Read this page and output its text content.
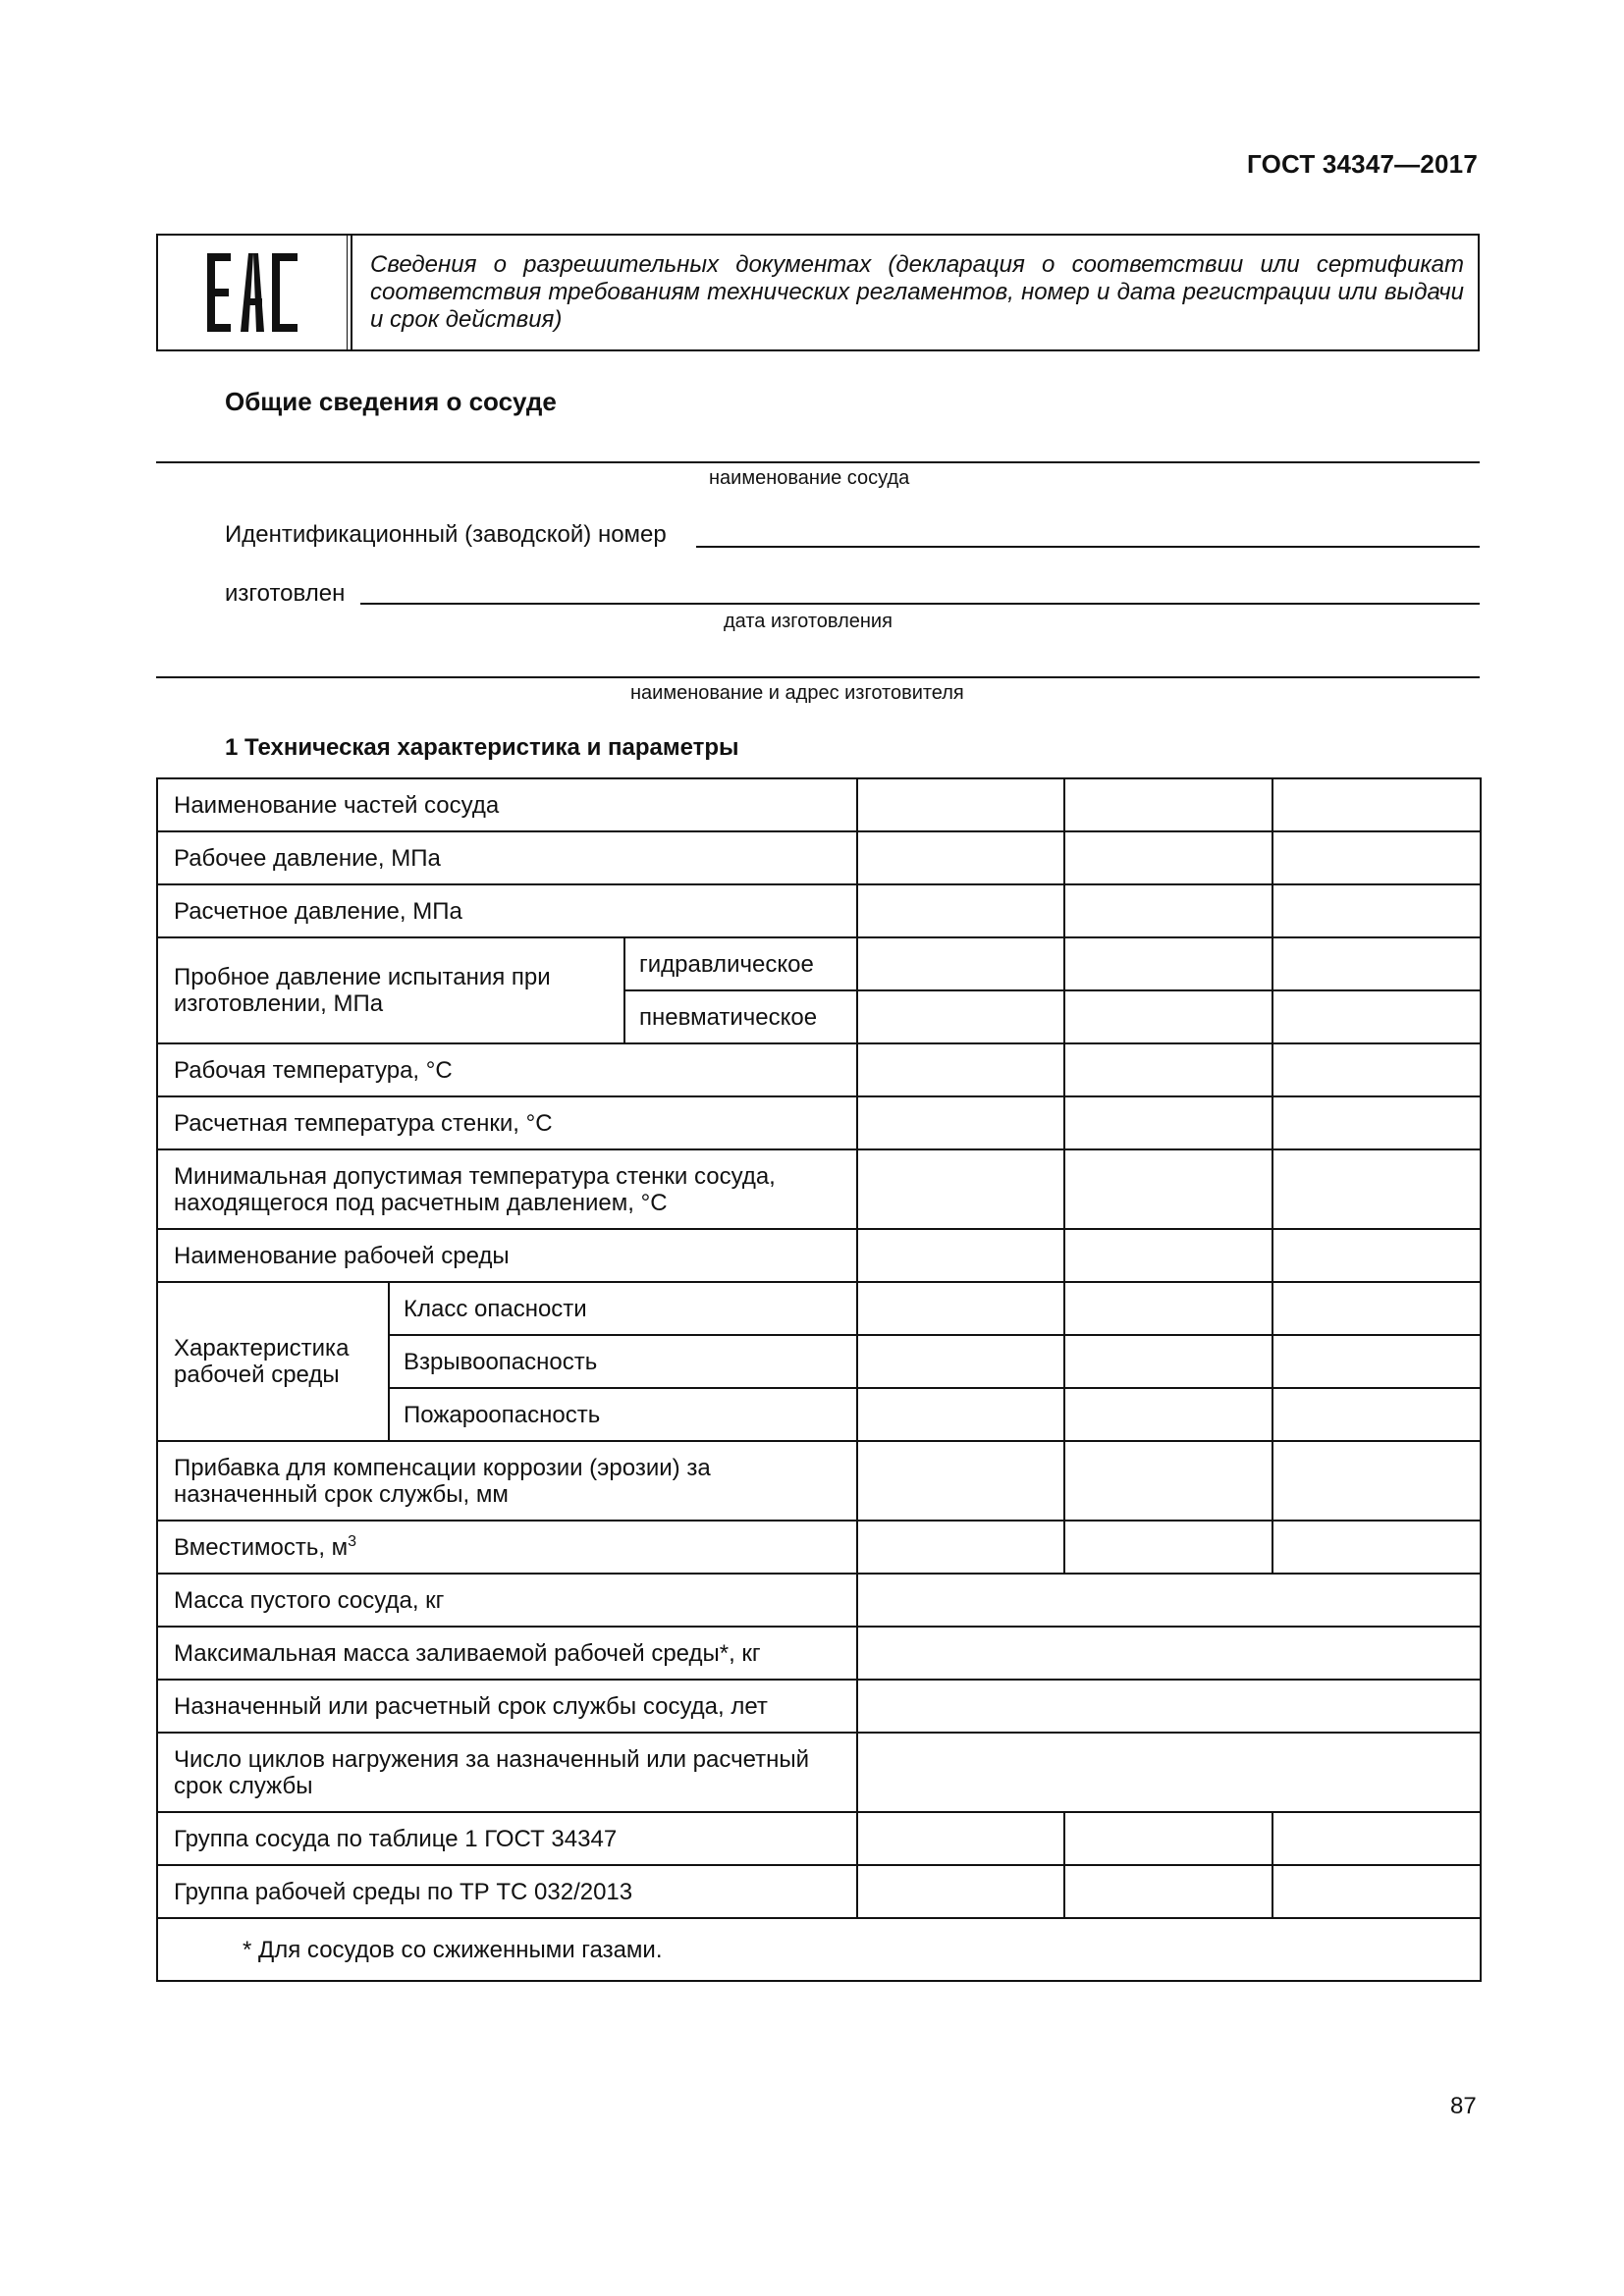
ГОСТ 34347—2017
Сведения о разрешительных документах (декларация о соответствии или сертификат соответствия требованиям технических регламентов, номер и дата регистрации или выдачи и срок действия)
Общие сведения о сосуде
наименование сосуда
Идентификационный (заводской) номер
изготовлен
дата изготовления
наименование и адрес изготовителя
1 Техническая характеристика и параметры
Наименование частей сосуда					
Рабочее давление, МПа					
Расчетное давление, МПа					
Пробное давление испытания при изготовлении, МПа		гидравлическое			
		пневматическое			
Рабочая температура, °С					
Расчетная температура стенки, °С					
Минимальная допустимая температура стенки сосуда, находящегося под расчетным давлением, °С					
Наименование рабочей среды					
Характеристика рабочей среды	Класс опасности				
	Взрывоопасность				
	Пожароопасность				
Прибавка для компенсации коррозии (эрозии) за назначенный срок службы, мм					
Вместимость, $м^3$			
Масса пустого сосуда, кг					
Максимальная масса заливаемой рабочей среды*, кг					
Назначенный или расчетный срок службы сосуда, лет					
Число циклов нагружения за назначенный или расчетный срок службы					
Группа сосуда по таблице 1 ГОСТ 34347					
Группа рабочей среды по ТР ТС 032/2013					
* Для сосудов со сжиженными газами.					
87
